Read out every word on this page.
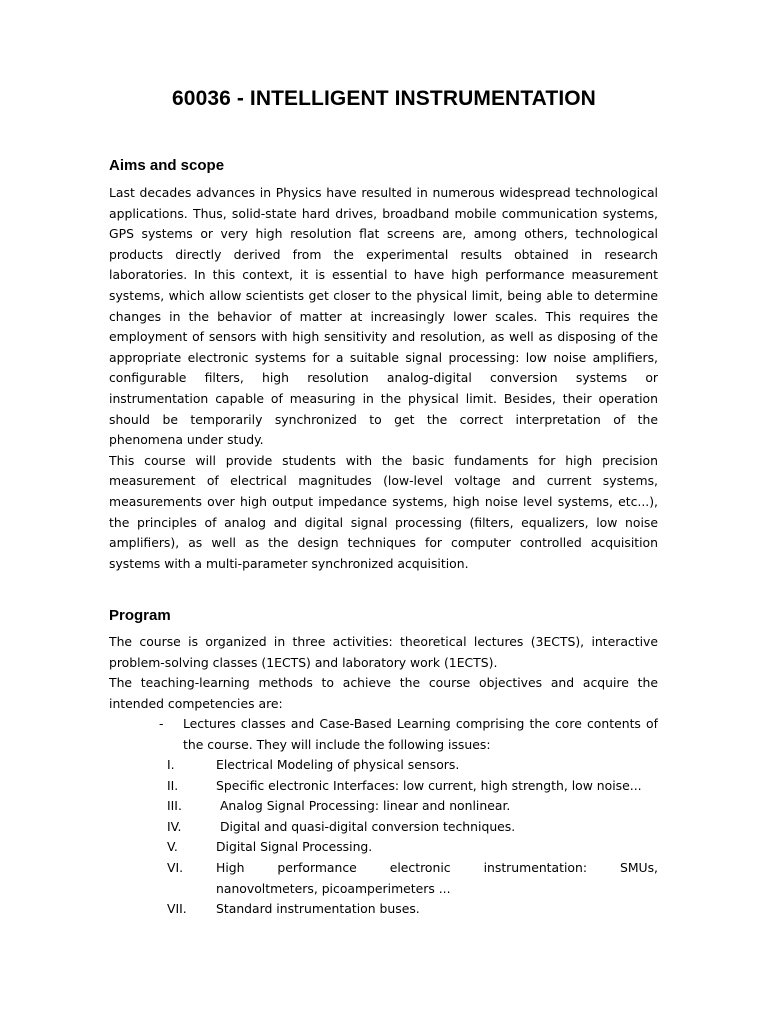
60036 - INTELLIGENT INSTRUMENTATION
Aims and scope
Last decades advances in Physics have resulted in numerous widespread technological
applications. Thus, solid-state hard drives, broadband mobile communication systems,
GPS systems or very high resolution flat screens are, among others, technological
products directly derived from the experimental results obtained in research
laboratories. In this context, it is essential to have high performance measurement
systems, which allow scientists get closer to the physical limit, being able to determine
changes in the behavior of matter at increasingly lower scales. This requires the
employment of sensors with high sensitivity and resolution, as well as disposing of the
appropriate electronic systems for a suitable signal processing: low noise amplifiers,
configurable filters, high resolution analog-digital conversion systems or
instrumentation capable of measuring in the physical limit. Besides, their operation
should be temporarily synchronized to get the correct interpretation of the
phenomena under study.
This course will provide students with the basic fundaments for high precision
measurement of electrical magnitudes (low-level voltage and current systems,
measurements over high output impedance systems, high noise level systems, etc...),
the principles of analog and digital signal processing (filters, equalizers, low noise
amplifiers), as well as the design techniques for computer controlled acquisition
systems with a multi-parameter synchronized acquisition.
Program
The course is organized in three activities: theoretical lectures (3ECTS), interactive
problem-solving classes (1ECTS) and laboratory work (1ECTS).
The teaching-learning methods to achieve the course objectives and acquire the
intended competencies are:
- Lectures classes and Case-Based Learning comprising the core contents of
the course. They will include the following issues:
I.	Electrical Modeling of physical sensors.
II.	Specific electronic Interfaces: low current, high strength, low noise...
III.	Analog Signal Processing: linear and nonlinear.
IV.	Digital and quasi-digital conversion techniques.
V.	Digital Signal Processing.
VI.	High performance electronic instrumentation: SMUs,
nanovoltmeters, picoamperimeters ...
VII. Standard instrumentation buses.
